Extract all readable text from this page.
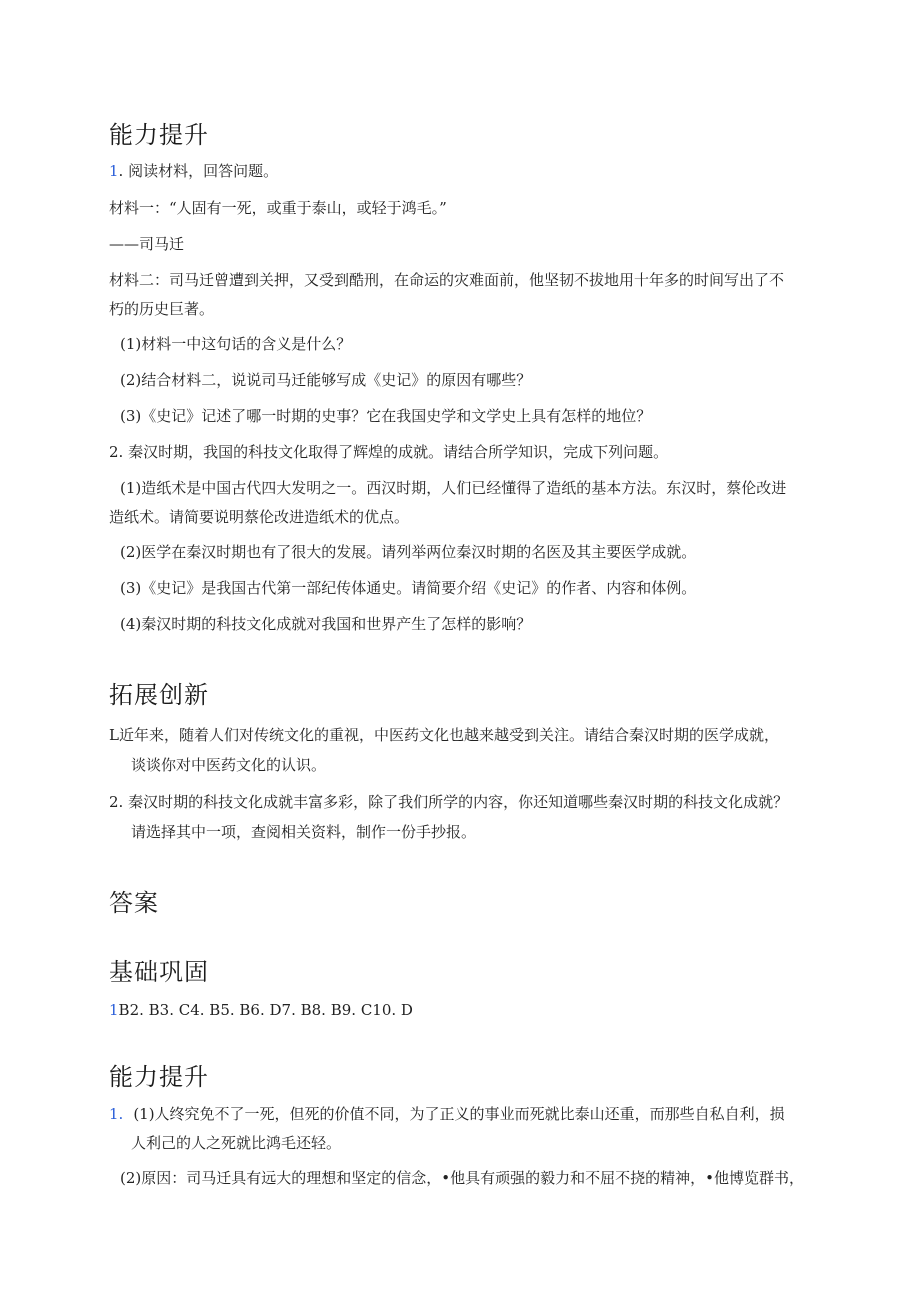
能力提升
1. 阅读材料，回答问题。
材料一：“人固有一死，或重于泰山，或轻于鸿毛。”
——司马迁
材料二：司马迁曾遭到关押，又受到酷刑，在命运的灾难面前，他坚韧不拔地用十年多的时间写出了不
朽的历史巨著。
(1)材料一中这句话的含义是什么？
(2)结合材料二，说说司马迁能够写成《史记》的原因有哪些？
(3)《史记》记述了哪一时期的史事？它在我国史学和文学史上具有怎样的地位？
2. 秦汉时期，我国的科技文化取得了辉煌的成就。请结合所学知识，完成下列问题。
(1)造纸术是中国古代四大发明之一。西汉时期，人们已经懂得了造纸的基本方法。东汉时，蔡伦改进
造纸术。请简要说明蔡伦改进造纸术的优点。
(2)医学在秦汉时期也有了很大的发展。请列举两位秦汉时期的名医及其主要医学成就。
(3)《史记》是我国古代第一部纪传体通史。请简要介绍《史记》的作者、内容和体例。
(4)秦汉时期的科技文化成就对我国和世界产生了怎样的影响？
拓展创新
L近年来，随着人们对传统文化的重视，中医药文化也越来越受到关注。请结合秦汉时期的医学成就，
谈谈你对中医药文化的认识。
2. 秦汉时期的科技文化成就丰富多彩，除了我们所学的内容，你还知道哪些秦汉时期的科技文化成就？
请选择其中一项，查阅相关资料，制作一份手抄报。
答案
基础巩固
1B2. B3. C4. B5. B6. D7. B8. B9. C10. D
能力提升
1. (1)人终究免不了一死，但死的价值不同，为了正义的事业而死就比泰山还重，而那些自私自利，损
人利己的人之死就比鸿毛还轻。
(2)原因：司马迁具有远大的理想和坚定的信念，•他具有顽强的毅力和不屈不挠的精神，•他博览群书，
